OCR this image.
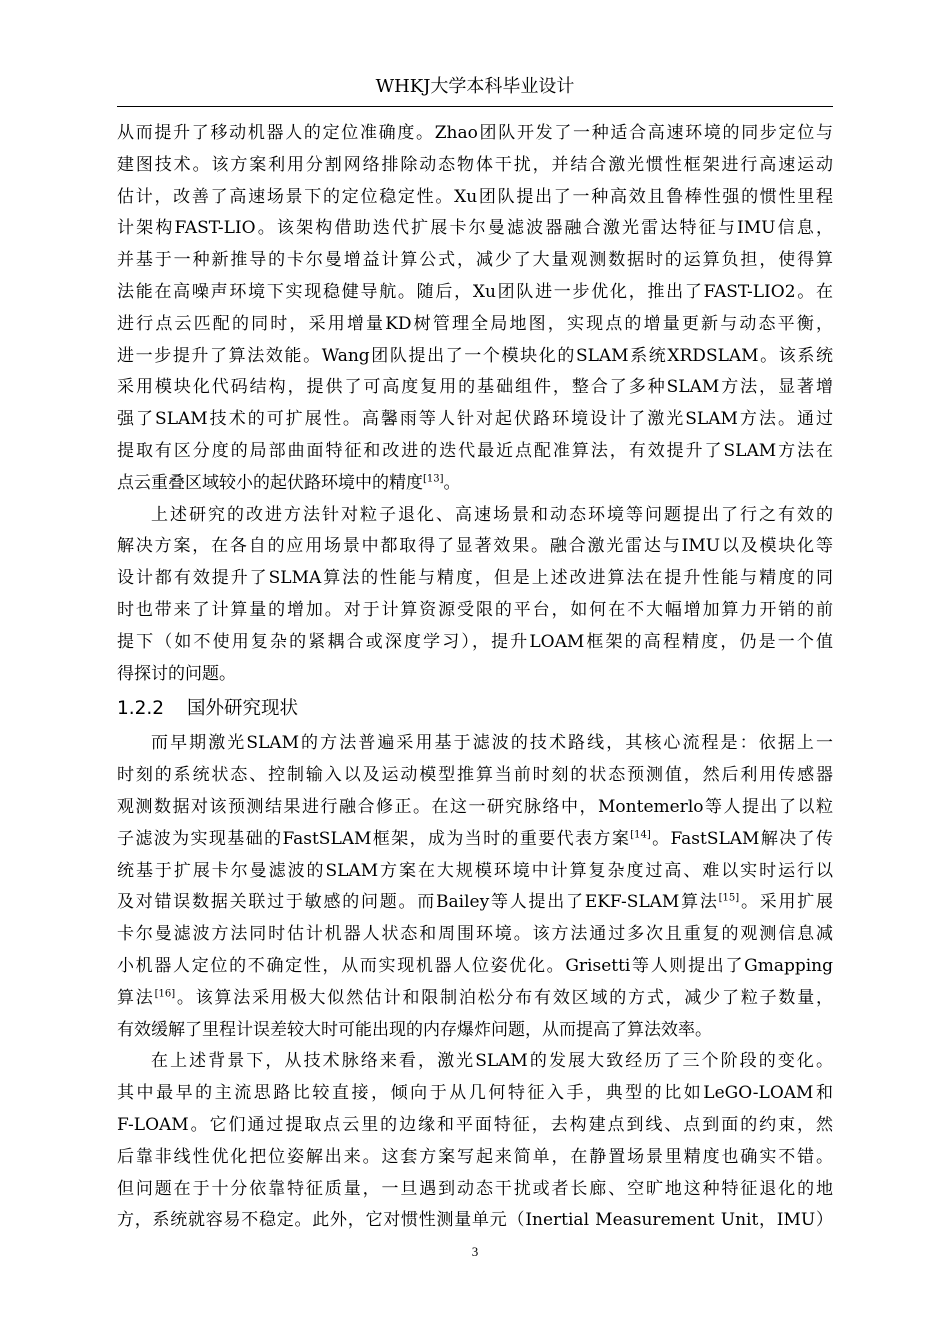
WHKJ大学本科毕业设计
从而提升了移动机器人的定位准确度。Zhao团队开发了一种适合高速环境的同步定位与
建图技术。该方案利用分割网络排除动态物体干扰，并结合激光惯性框架进行高速运动
估计，改善了高速场景下的定位稳定性。Xu团队提出了一种高效且鲁棒性强的惯性里程
计架构FAST-LIO。该架构借助迭代扩展卡尔曼滤波器融合激光雷达特征与IMU信息，
并基于一种新推导的卡尔曼增益计算公式，减少了大量观测数据时的运算负担，使得算
法能在高噪声环境下实现稳健导航。随后，Xu团队进一步优化，推出了FAST-LIO2。在
进行点云匹配的同时，采用增量KD树管理全局地图，实现点的增量更新与动态平衡，
进一步提升了算法效能。Wang团队提出了一个模块化的SLAM系统XRDSLAM。该系统
采用模块化代码结构，提供了可高度复用的基础组件，整合了多种SLAM方法，显著增
强了SLAM技术的可扩展性。高馨雨等人针对起伏路环境设计了激光SLAM方法。通过
提取有区分度的局部曲面特征和改进的迭代最近点配准算法，有效提升了SLAM方法在
点云重叠区域较小的起伏路环境中的精度[13]。
上述研究的改进方法针对粒子退化、高速场景和动态环境等问题提出了行之有效的
解决方案，在各自的应用场景中都取得了显著效果。融合激光雷达与IMU以及模块化等
设计都有效提升了SLMA算法的性能与精度，但是上述改进算法在提升性能与精度的同
时也带来了计算量的增加。对于计算资源受限的平台，如何在不大幅增加算力开销的前
提下（如不使用复杂的紧耦合或深度学习），提升LOAM框架的高程精度，仍是一个值
得探讨的问题。
1.2.2 国外研究现状
而早期激光SLAM的方法普遍采用基于滤波的技术路线，其核心流程是：依据上一
时刻的系统状态、控制输入以及运动模型推算当前时刻的状态预测值，然后利用传感器
观测数据对该预测结果进行融合修正。在这一研究脉络中，Montemerlo等人提出了以粒
子滤波为实现基础的FastSLAM框架，成为当时的重要代表方案[14]。FastSLAM解决了传
统基于扩展卡尔曼滤波的SLAM方案在大规模环境中计算复杂度过高、难以实时运行以
及对错误数据关联过于敏感的问题。而Bailey等人提出了EKF-SLAM算法[15]。采用扩展
卡尔曼滤波方法同时估计机器人状态和周围环境。该方法通过多次且重复的观测信息减
小机器人定位的不确定性，从而实现机器人位姿优化。Grisetti等人则提出了Gmapping
算法[16]。该算法采用极大似然估计和限制泊松分布有效区域的方式，减少了粒子数量，
有效缓解了里程计误差较大时可能出现的内存爆炸问题，从而提高了算法效率。
在上述背景下，从技术脉络来看，激光SLAM的发展大致经历了三个阶段的变化。
其中最早的主流思路比较直接，倾向于从几何特征入手，典型的比如LeGO-LOAM和
F-LOAM。它们通过提取点云里的边缘和平面特征，去构建点到线、点到面的约束，然
后靠非线性优化把位姿解出来。这套方案写起来简单，在静置场景里精度也确实不错。
但问题在于十分依靠特征质量，一旦遇到动态干扰或者长廊、空旷地这种特征退化的地
方，系统就容易不稳定。此外，它对惯性测量单元（Inertial Measurement Unit，IMU）
3
